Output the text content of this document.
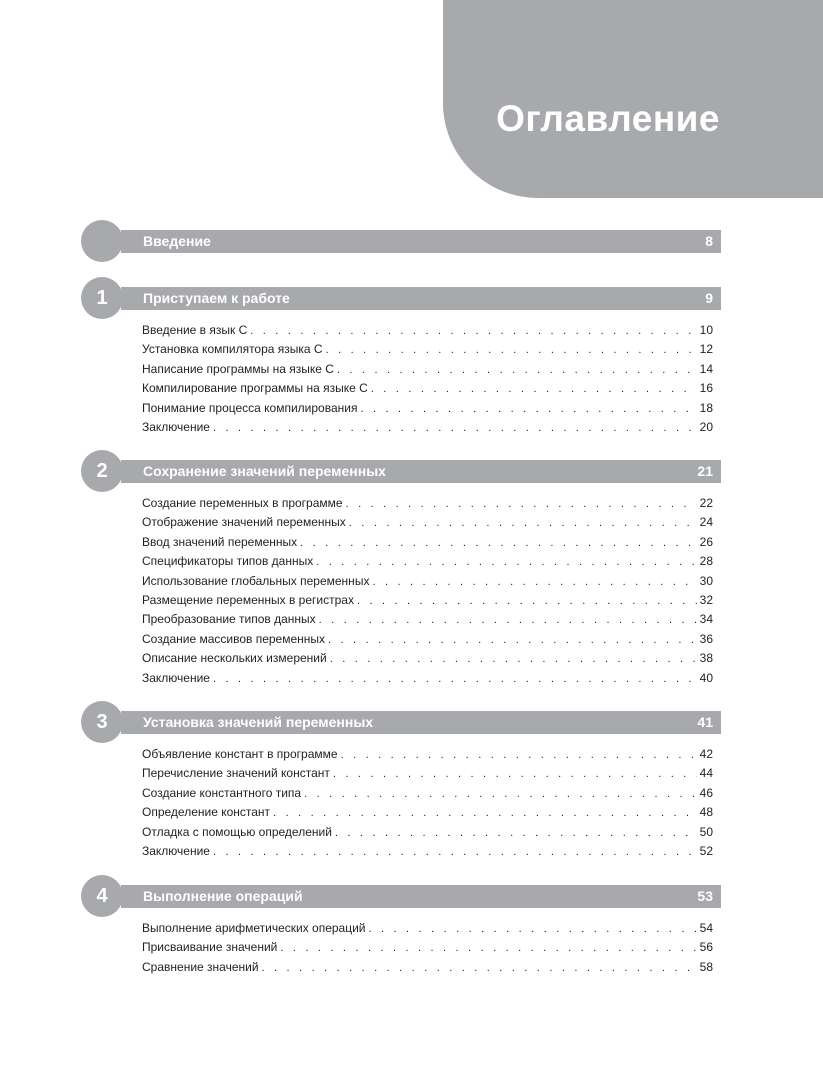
Оглавление
Введение	8
1	Приступаем к работе	9
Введение в язык С . . .	10
Установка компилятора языка С . . .	12
Написание программы на языке С . . .	14
Компилирование программы на языке С . . .	16
Понимание процесса компилирования . . .	18
Заключение . . .	20
2	Сохранение значений переменных	21
Создание переменных в программе . . .	22
Отображение значений переменных . . .	24
Ввод значений переменных . . .	26
Спецификаторы типов данных . . .	28
Использование глобальных переменных . . .	30
Размещение переменных в регистрах . . .	32
Преобразование типов данных . . .	34
Создание массивов переменных . . .	36
Описание нескольких измерений . . .	38
Заключение . . .	40
3	Установка значений переменных	41
Объявление констант в программе . . .	42
Перечисление значений констант . . .	44
Создание константного типа . . .	46
Определение констант . . .	48
Отладка с помощью определений . . .	50
Заключение . . .	52
4	Выполнение операций	53
Выполнение арифметических операций . . .	54
Присваивание значений . . .	56
Сравнение значений . . .	58
